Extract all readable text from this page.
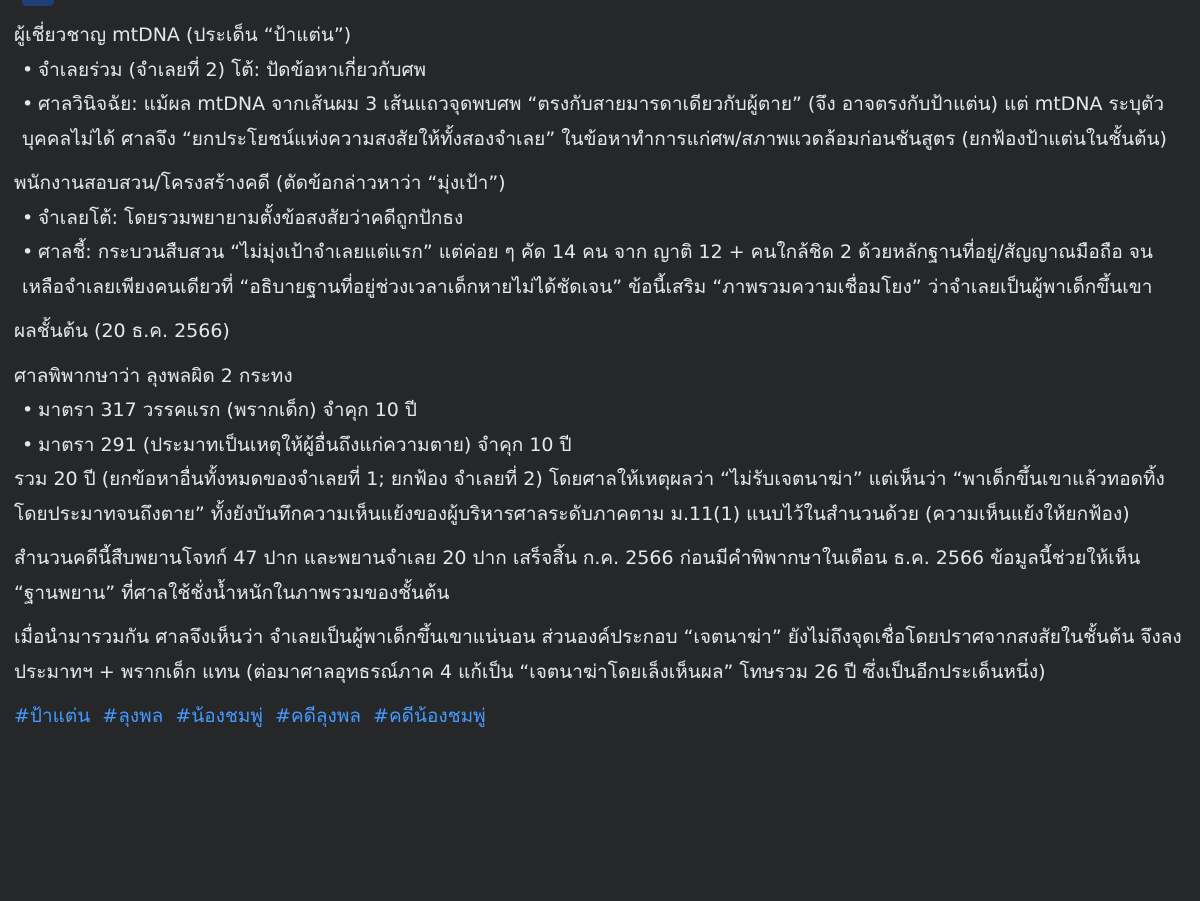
ผู้เชี่ยวชาญ mtDNA (ประเด็น “ป้าแต่น”)

• จำเลยร่วม (จำเลยที่ 2) โต้: ปัดข้อหาเกี่ยวกับศพ
• ศาลวินิจฉัย: แม้ผล mtDNA จากเส้นผม 3 เส้นแถวจุดพบศพ “ตรงกับสายมารดาเดียวกับผู้ตาย” (จึง อาจตรงกับป้าแต่น) แต่ mtDNA ระบุตัวบุคคลไม่ได้ ศาลจึง “ยกประโยชน์แห่งความสงสัยให้ทั้งสองจำเลย” ในข้อหาทำการแก่ศพ/สภาพแวดล้อมก่อนชันสูตร (ยกฟ้องป้าแต่นในชั้นต้น)

พนักงานสอบสวน/โครงสร้างคดี (ตัดข้อกล่าวหาว่า “มุ่งเป้า”)

• จำเลยโต้: โดยรวมพยายามตั้งข้อสงสัยว่าคดีถูกปักธง
• ศาลชี้: กระบวนสืบสวน “ไม่มุ่งเป้าจำเลยแต่แรก” แต่ค่อย ๆ คัด 14 คน จาก ญาติ 12 + คนใกล้ชิด 2 ด้วยหลักฐานที่อยู่/สัญญาณมือถือ จนเหลือจำเลยเพียงคนเดียวที่ “อธิบายฐานที่อยู่ช่วงเวลาเด็กหายไม่ได้ชัดเจน” ข้อนี้เสริม “ภาพรวมความเชื่อมโยง” ว่าจำเลยเป็นผู้พาเด็กขึ้นเขา

ผลชั้นต้น (20 ธ.ค. 2566)

ศาลพิพากษาว่า ลุงพลผิด 2 กระทง

• มาตรา 317 วรรคแรก (พรากเด็ก) จำคุก 10 ปี
• มาตรา 291 (ประมาทเป็นเหตุให้ผู้อื่นถึงแก่ความตาย) จำคุก 10 ปี

รวม 20 ปี (ยกข้อหาอื่นทั้งหมดของจำเลยที่ 1; ยกฟ้อง จำเลยที่ 2) โดยศาลให้เหตุผลว่า “ไม่รับเจตนาฆ่า” แต่เห็นว่า “พาเด็กขึ้นเขาแล้วทอดทิ้งโดยประมาทจนถึงตาย” ทั้งยังบันทึกความเห็นแย้งของผู้บริหารศาลระดับภาคตาม ม.11(1) แนบไว้ในสำนวนด้วย (ความเห็นแย้งให้ยกฟ้อง)

สำนวนคดีนี้สืบพยานโจทก์ 47 ปาก และพยานจำเลย 20 ปาก เสร็จสิ้น ก.ค. 2566 ก่อนมีคำพิพากษาในเดือน ธ.ค. 2566 ข้อมูลนี้ช่วยให้เห็น “ฐานพยาน” ที่ศาลใช้ชั่งน้ำหนักในภาพรวมของชั้นต้น

เมื่อนำมารวมกัน ศาลจึงเห็นว่า จำเลยเป็นผู้พาเด็กขึ้นเขาแน่นอน ส่วนองค์ประกอบ “เจตนาฆ่า” ยังไม่ถึงจุดเชื่อโดยปราศจากสงสัยในชั้นต้น จึงลง ประมาทฯ + พรากเด็ก แทน (ต่อมาศาลอุทธรณ์ภาค 4 แก้เป็น “เจตนาฆ่าโดยเล็งเห็นผล” โทษรวม 26 ปี ซึ่งเป็นอีกประเด็นหนึ่ง)

#ป้าแต่น #ลุงพล #น้องชมพู่ #คดีลุงพล #คดีน้องชมพู่
